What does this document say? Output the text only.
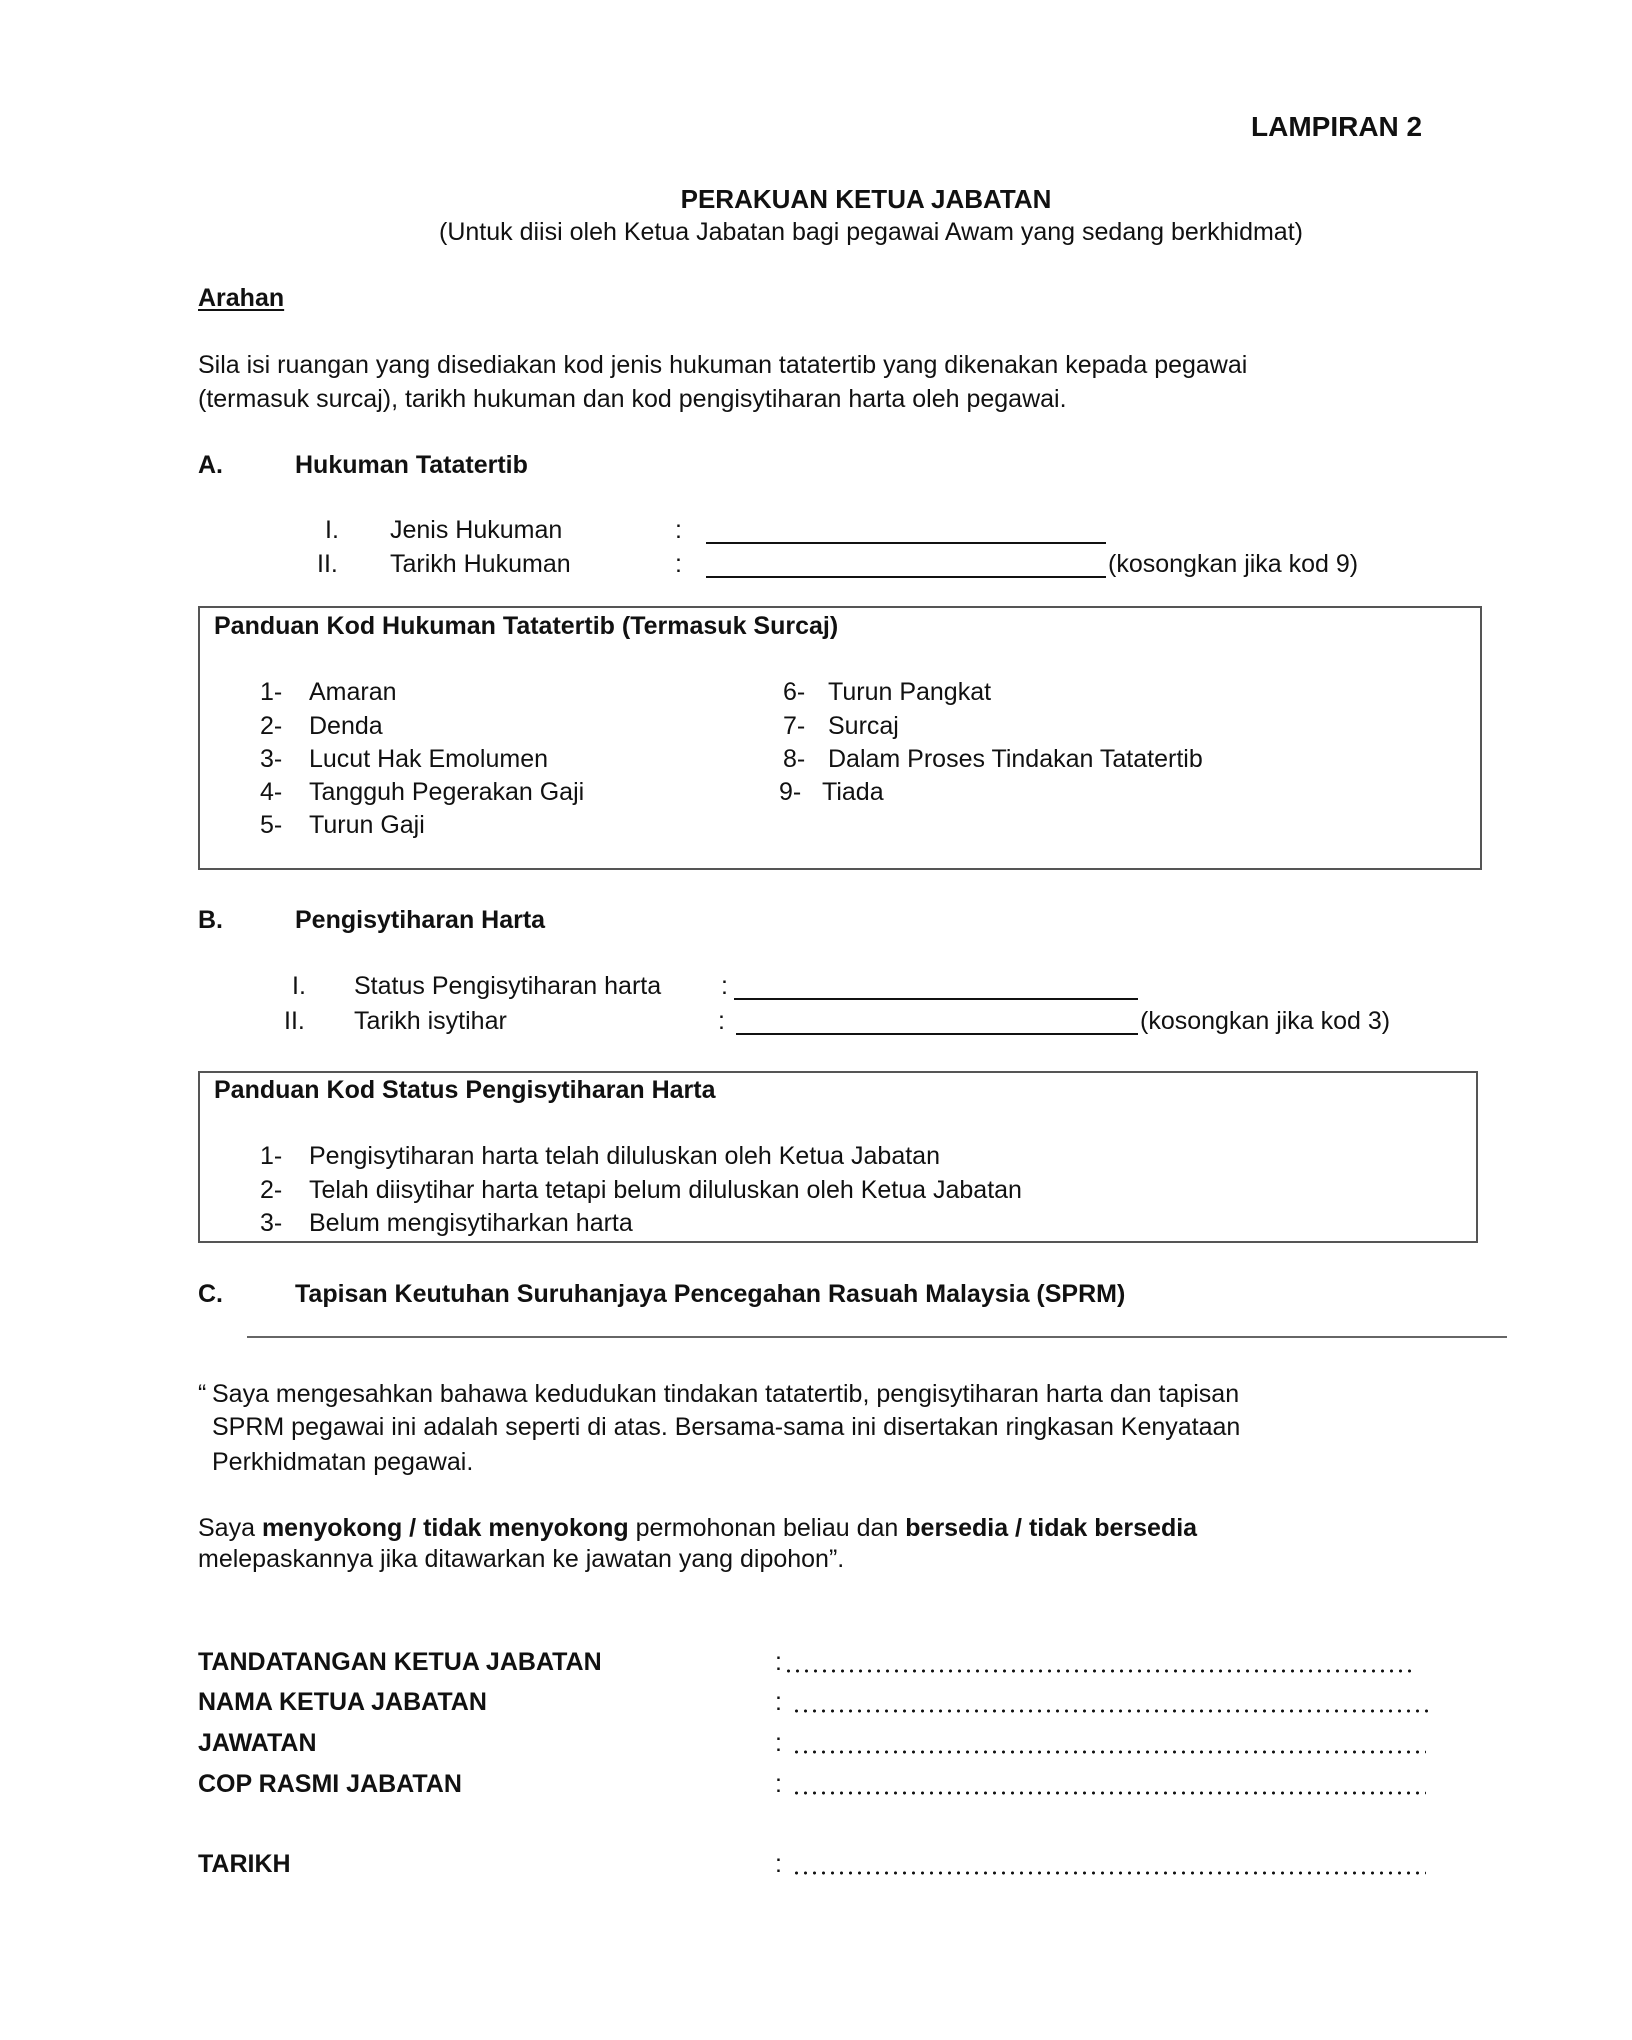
LAMPIRAN 2
PERAKUAN KETUA JABATAN
(Untuk diisi oleh Ketua Jabatan bagi pegawai Awam yang sedang berkhidmat)
Arahan
Sila isi ruangan yang disediakan kod jenis hukuman tatatertib yang dikenakan kepada pegawai
(termasuk surcaj), tarikh hukuman dan kod pengisytiharan harta oleh pegawai.
A.	Hukuman Tatatertib
I. Jenis Hukuman	:
II. Tarikh Hukuman	:	(kosongkan jika kod 9)
Panduan Kod Hukuman Tatatertib (Termasuk Surcaj)
1- Amaran
2- Denda
3- Lucut Hak Emolumen
4- Tangguh Pegerakan Gaji
5- Turun Gaji
6- Turun Pangkat
7- Surcaj
8- Dalam Proses Tindakan Tatatertib
9- Tiada
B.	Pengisytiharan Harta
I. Status Pengisytiharan harta :
II. Tarikh isytihar	:	(kosongkan jika kod 3)
Panduan Kod Status Pengisytiharan Harta
1- Pengisytiharan harta telah diluluskan oleh Ketua Jabatan
2- Telah diisytihar harta tetapi belum diluluskan oleh Ketua Jabatan
3- Belum mengisytiharkan harta
C.	Tapisan Keutuhan Suruhanjaya Pencegahan Rasuah Malaysia (SPRM)
“ Saya mengesahkan bahawa kedudukan tindakan tatatertib, pengisytiharan harta dan tapisan
SPRM pegawai ini adalah seperti di atas. Bersama-sama ini disertakan ringkasan Kenyataan
Perkhidmatan pegawai.
Saya menyokong / tidak menyokong permohonan beliau dan bersedia / tidak bersedia
melepaskannya jika ditawarkan ke jawatan yang dipohon”.
TANDATANGAN KETUA JABATAN	:
NAMA KETUA JABATAN	:
JAWATAN	:
COP RASMI JABATAN	:
TARIKH	:
